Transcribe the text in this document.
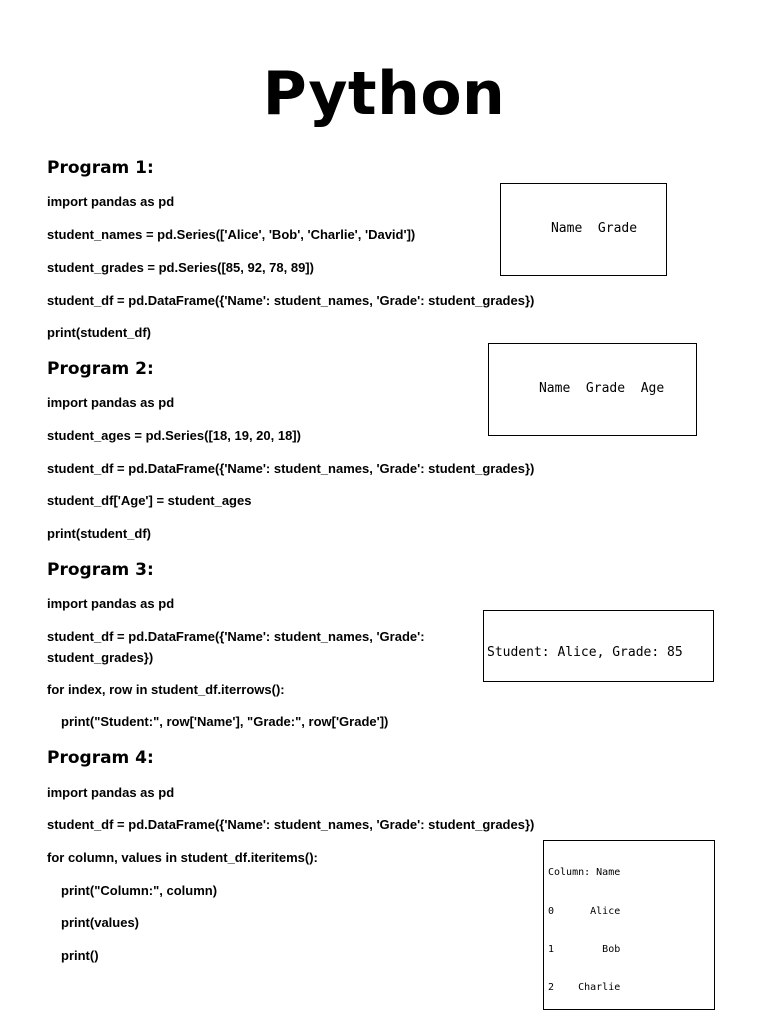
Python
Program 1:
import pandas as pd
student_names = pd.Series(['Alice', 'Bob', 'Charlie', 'David'])
student_grades = pd.Series([85, 92, 78, 89])
student_df = pd.DataFrame({'Name': student_names, 'Grade': student_grades})
print(student_df)

Name  Grade

Program 2:
import pandas as pd
student_ages = pd.Series([18, 19, 20, 18])
student_df = pd.DataFrame({'Name': student_names, 'Grade': student_grades})
student_df['Age'] = student_ages
print(student_df)

Name  Grade  Age

Program 3:
import pandas as pd
student_df = pd.DataFrame({'Name': student_names, 'Grade':
student_grades})
for index, row in student_df.iterrows():
print("Student:", row['Name'], "Grade:", row['Grade'])

Student: Alice, Grade: 85

Program 4:
import pandas as pd
student_df = pd.DataFrame({'Name': student_names, 'Grade': student_grades})
for column, values in student_df.iteritems():
print("Column:", column)
print(values)
print()

Column: Name

0      Alice

1        Bob

2    Charlie
